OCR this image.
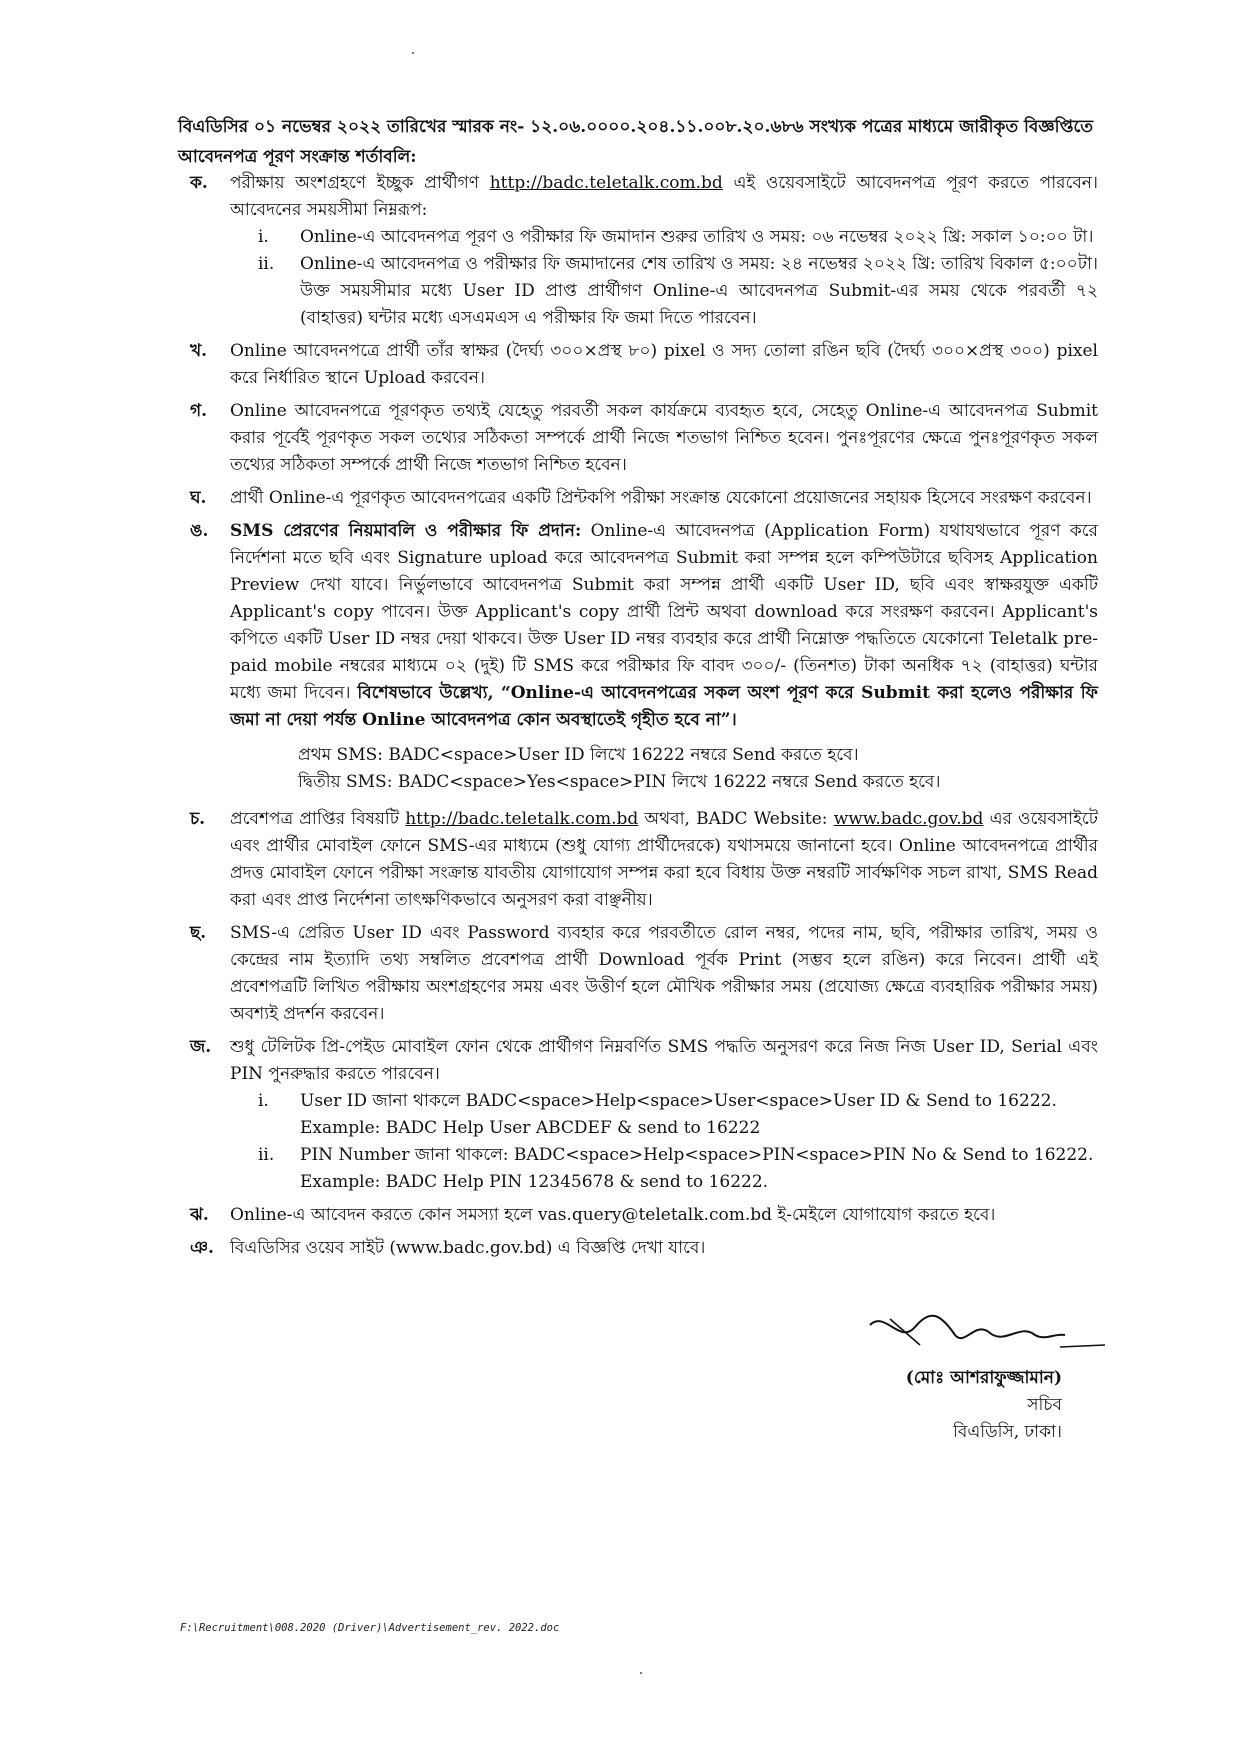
বিএডিসির ০১ নভেম্বর ২০২২ তারিখের স্মারক নং- ১২.০৬.০০০০.২০৪.১১.০০৮.২০.৬৮৬ সংখ্যক পত্রের মাধ্যমে জারীকৃত বিজ্ঞপ্তিতে আবেদনপত্র পূরণ সংক্রান্ত শর্তাবলি:
ক. পরীক্ষায় অংশগ্রহণে ইচ্ছুক প্রার্থীগণ http://badc.teletalk.com.bd এই ওয়েবসাইটে আবেদনপত্র পূরণ করতে পারবেন। আবেদনের সময়সীমা নিম্নরূপ:

i. Online-এ আবেদনপত্র পূরণ ও পরীক্ষার ফি জমাদান শুরুর তারিখ ও সময়: ০৬ নভেম্বর ২০২২ খ্রি: সকাল ১০:০০ টা।

ii. Online-এ আবেদনপত্র ও পরীক্ষার ফি জমাদানের শেষ তারিখ ও সময়: ২৪ নভেম্বর ২০২২ খ্রি: তারিখ বিকাল ৫:০০টা। উক্ত সময়সীমার মধ্যে User ID প্রাপ্ত প্রার্থীগণ Online-এ আবেদনপত্র Submit-এর সময় থেকে পরবর্তী ৭২ (বাহাত্তর) ঘন্টার মধ্যে এসএমএস এ পরীক্ষার ফি জমা দিতে পারবেন।

খ. Online আবেদনপত্রে প্রার্থী তাঁর স্বাক্ষর (দৈর্ঘ্য ৩০০×প্রস্থ ৮০) pixel ও সদ্য তোলা রঙিন ছবি (দৈর্ঘ্য ৩০০×প্রস্থ ৩০০) pixel করে নির্ধারিত স্থানে Upload করবেন।

গ. Online আবেদনপত্রে পূরণকৃত তথ্যই যেহেতু পরবর্তী সকল কার্যক্রমে ব্যবহৃত হবে, সেহেতু Online-এ আবেদনপত্র Submit করার পূর্বেই পূরণকৃত সকল তথ্যের সঠিকতা সম্পর্কে প্রার্থী নিজে শতভাগ নিশ্চিত হবেন। পুনঃপূরণের ক্ষেত্রে পুনঃপূরণকৃত সকল তথ্যের সঠিকতা সম্পর্কে প্রার্থী নিজে শতভাগ নিশ্চিত হবেন।

ঘ. প্রার্থী Online-এ পূরণকৃত আবেদনপত্রের একটি প্রিন্টকপি পরীক্ষা সংক্রান্ত যেকোনো প্রয়োজনের সহায়ক হিসেবে সংরক্ষণ করবেন।

ঙ. SMS প্রেরণের নিয়মাবলি ও পরীক্ষার ফি প্রদান: Online-এ আবেদনপত্র (Application Form) যথাযথভাবে পূরণ করে নির্দেশনা মতে ছবি এবং Signature upload করে আবেদনপত্র Submit করা সম্পন্ন হলে কম্পিউটারে ছবিসহ Application Preview দেখা যাবে। নির্ভুলভাবে আবেদনপত্র Submit করা সম্পন্ন প্রার্থী একটি User ID, ছবি এবং স্বাক্ষরযুক্ত একটি Applicant's copy পাবেন। উক্ত Applicant's copy প্রার্থী প্রিন্ট অথবা download করে সংরক্ষণ করবেন। Applicant's কপিতে একটি User ID নম্বর দেয়া থাকবে। উক্ত User ID নম্বর ব্যবহার করে প্রার্থী নিম্নোক্ত পদ্ধতিতে যেকোনো Teletalk pre-paid mobile নম্বরের মাধ্যমে ০২ (দুই) টি SMS করে পরীক্ষার ফি বাবদ ৩০০/- (তিনশত) টাকা অনধিক ৭২ (বাহাত্তর) ঘন্টার মধ্যে জমা দিবেন। বিশেষভাবে উল্লেখ্য, “Online-এ আবেদনপত্রের সকল অংশ পূরণ করে Submit করা হলেও পরীক্ষার ফি জমা না দেয়া পর্যন্ত Online আবেদনপত্র কোন অবস্থাতেই গৃহীত হবে না”।

প্রথম SMS: BADC<space>User ID লিখে 16222 নম্বরে Send করতে হবে।

দ্বিতীয় SMS: BADC<space>Yes<space>PIN লিখে 16222 নম্বরে Send করতে হবে।

চ. প্রবেশপত্র প্রাপ্তির বিষয়টি http://badc.teletalk.com.bd অথবা, BADC Website: www.badc.gov.bd এর ওয়েবসাইটে এবং প্রার্থীর মোবাইল ফোনে SMS-এর মাধ্যমে (শুধু যোগ্য প্রার্থীদেরকে) যথাসময়ে জানানো হবে। Online আবেদনপত্রে প্রার্থীর প্রদত্ত মোবাইল ফোনে পরীক্ষা সংক্রান্ত যাবতীয় যোগাযোগ সম্পন্ন করা হবে বিধায় উক্ত নম্বরটি সার্বক্ষণিক সচল রাখা, SMS Read করা এবং প্রাপ্ত নির্দেশনা তাৎক্ষণিকভাবে অনুসরণ করা বাঞ্ছনীয়।

ছ. SMS-এ প্রেরিত User ID এবং Password ব্যবহার করে পরবর্তীতে রোল নম্বর, পদের নাম, ছবি, পরীক্ষার তারিখ, সময় ও কেন্দ্রের নাম ইত্যাদি তথ্য সম্বলিত প্রবেশপত্র প্রার্থী Download পূর্বক Print (সম্ভব হলে রঙিন) করে নিবেন। প্রার্থী এই প্রবেশপত্রটি লিখিত পরীক্ষায় অংশগ্রহণের সময় এবং উত্তীর্ণ হলে মৌখিক পরীক্ষার সময় (প্রযোজ্য ক্ষেত্রে ব্যবহারিক পরীক্ষার সময়) অবশ্যই প্রদর্শন করবেন।

জ. শুধু টেলিটক প্রি-পেইড মোবাইল ফোন থেকে প্রার্থীগণ নিম্নবর্ণিত SMS পদ্ধতি অনুসরণ করে নিজ নিজ User ID, Serial এবং PIN পুনরুদ্ধার করতে পারবেন।

i. User ID জানা থাকলে BADC<space>Help<space>User<space>User ID & Send to 16222.

Example: BADC Help User ABCDEF & send to 16222

ii. PIN Number জানা থাকলে: BADC<space>Help<space>PIN<space>PIN No & Send to 16222.

Example: BADC Help PIN 12345678 & send to 16222.

ঝ. Online-এ আবেদন করতে কোন সমস্যা হলে vas.query@teletalk.com.bd ই-মেইলে যোগাযোগ করতে হবে।

ঞ. বিএডিসির ওয়েব সাইট (www.badc.gov.bd) এ বিজ্ঞপ্তি দেখা যাবে।

(মোঃ আশরাফুজ্জামান)

সচিব

বিএডিসি, ঢাকা।

F:\Recruitment\008.2020 (Driver)\Advertisement_rev. 2022.doc
